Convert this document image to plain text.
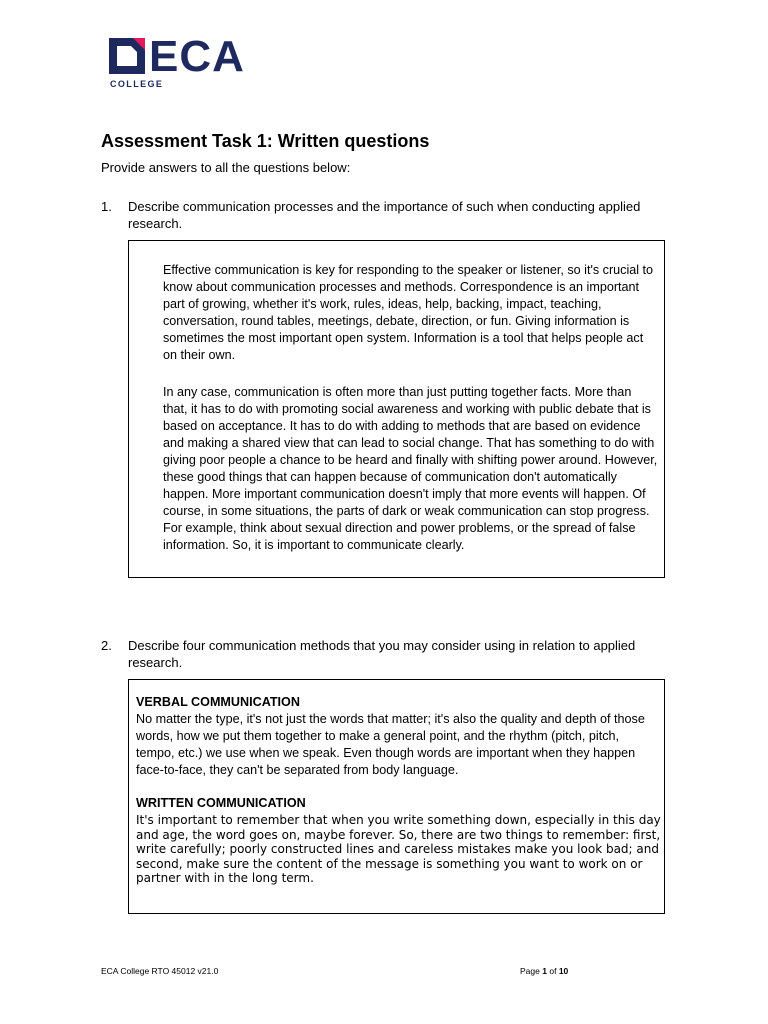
ECA
COLLEGE
Assessment Task 1: Written questions
Provide answers to all the questions below:
1. Describe communication processes and the importance of such when conducting applied research.

Effective communication is key for responding to the speaker or listener, so it's crucial to know about communication processes and methods. Correspondence is an important part of growing, whether it's work, rules, ideas, help, backing, impact, teaching, conversation, round tables, meetings, debate, direction, or fun. Giving information is sometimes the most important open system. Information is a tool that helps people act on their own.

In any case, communication is often more than just putting together facts. More than that, it has to do with promoting social awareness and working with public debate that is based on acceptance. It has to do with adding to methods that are based on evidence and making a shared view that can lead to social change. That has something to do with giving poor people a chance to be heard and finally with shifting power around. However, these good things that can happen because of communication don't automatically happen. More important communication doesn't imply that more events will happen. Of course, in some situations, the parts of dark or weak communication can stop progress. For example, think about sexual direction and power problems, or the spread of false information. So, it is important to communicate clearly.

2. Describe four communication methods that you may consider using in relation to applied research.
VERBAL COMMUNICATION

No matter the type, it's not just the words that matter; it's also the quality and depth of those words, how we put them together to make a general point, and the rhythm (pitch, pitch, tempo, etc.) we use when we speak. Even though words are important when they happen face-to-face, they can't be separated from body language.

WRITTEN COMMUNICATION

It's important to remember that when you write something down, especially in this day and age, the word goes on, maybe forever. So, there are two things to remember: first, write carefully; poorly constructed lines and careless mistakes make you look bad; and second, make sure the content of the message is something you want to work on or partner with in the long term.

ECA College RTO 45012 v21.0	Page 1 of 10
